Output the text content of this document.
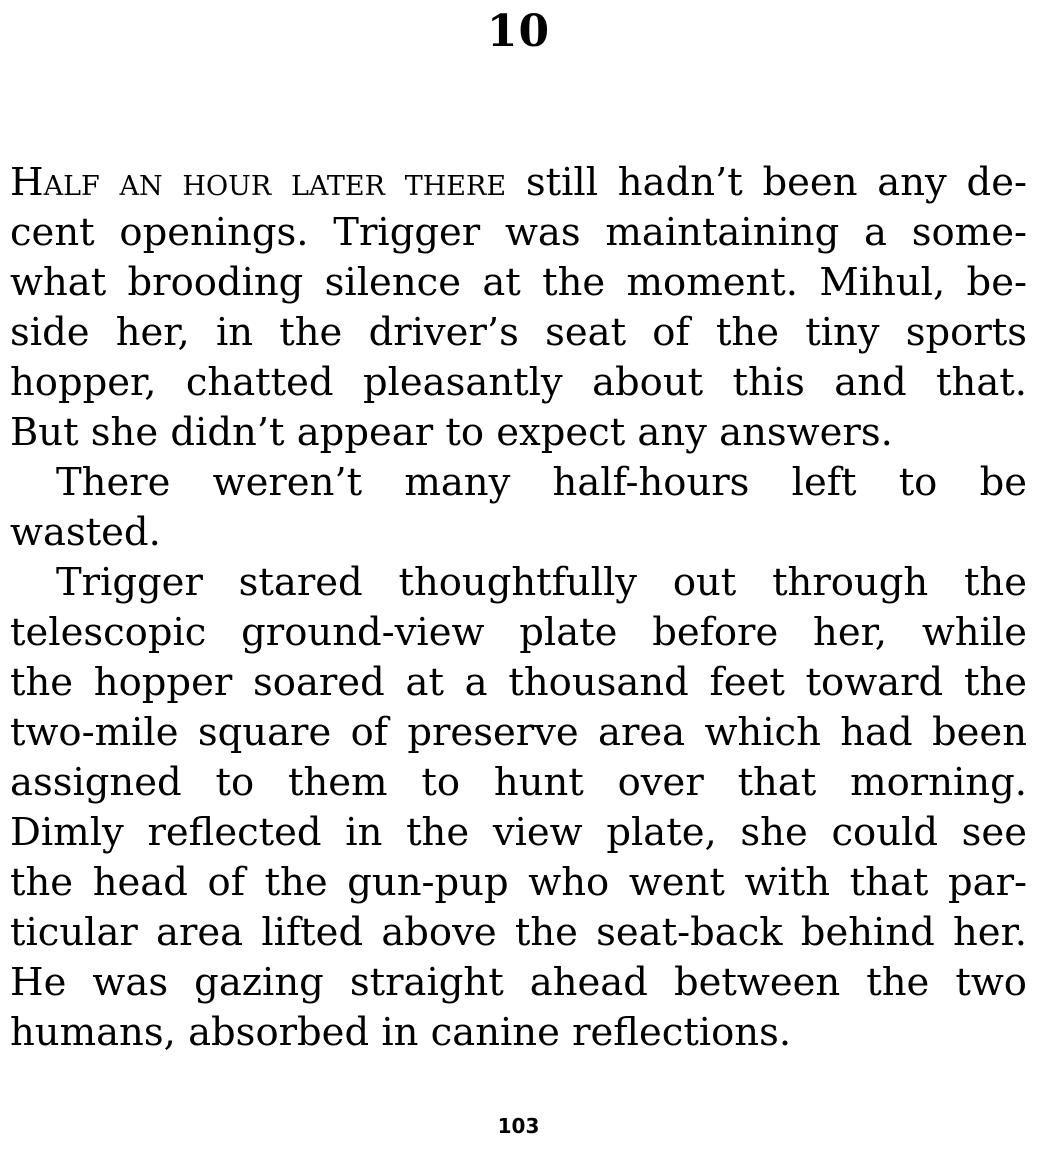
10
Half an hour later there still hadn’t been any de-
cent openings. Trigger was maintaining a some-
what brooding silence at the moment. Mihul, be-
side her, in the driver’s seat of the tiny sports
hopper, chatted pleasantly about this and that.
But she didn’t appear to expect any answers.
There weren’t many half-hours left to be
wasted.
Trigger stared thoughtfully out through the
telescopic ground-view plate before her, while
the hopper soared at a thousand feet toward the
two-mile square of preserve area which had been
assigned to them to hunt over that morning.
Dimly reflected in the view plate, she could see
the head of the gun-pup who went with that par-
ticular area lifted above the seat-back behind her.
He was gazing straight ahead between the two
humans, absorbed in canine reflections.
103
